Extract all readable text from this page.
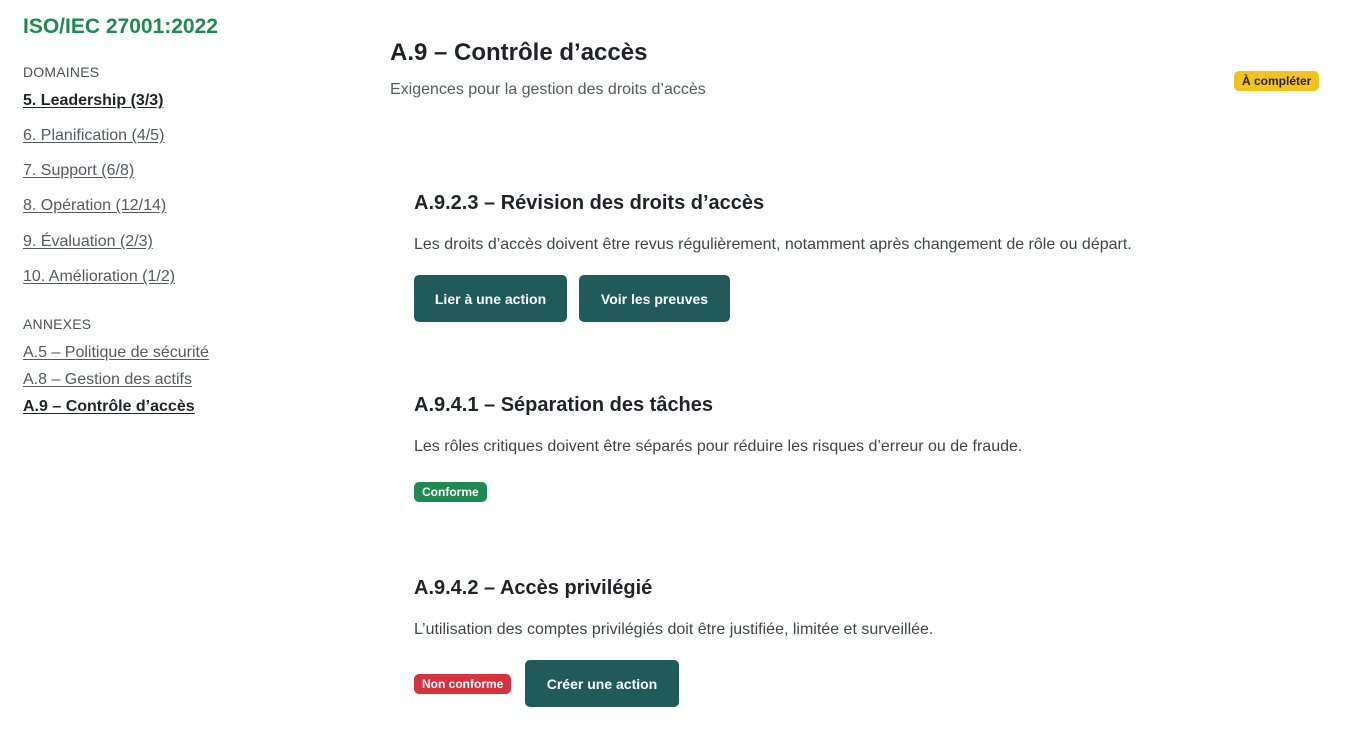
ISO/IEC 27001:2022
DOMAINES
5. Leadership (3/3)
6. Planification (4/5)
7. Support (6/8)
8. Opération (12/14)
9. Évaluation (2/3)
10. Amélioration (1/2)
ANNEXES
A.5 – Politique de sécurité
A.8 – Gestion des actifs
A.9 – Contrôle d’accès
A.9 – Contrôle d’accès
Exigences pour la gestion des droits d’accès	À compléter
A.9.2.3 – Révision des droits d’accès

Les droits d’accès doivent être revus régulièrement, notamment après changement de rôle ou départ.

Lier à une action	Voir les preuves
A.9.4.1 – Séparation des tâches

Les rôles critiques doivent être séparés pour réduire les risques d’erreur ou de fraude.

Conforme
A.9.4.2 – Accès privilégié

L’utilisation des comptes privilégiés doit être justifiée, limitée et surveillée.

Non conforme	Créer une action
